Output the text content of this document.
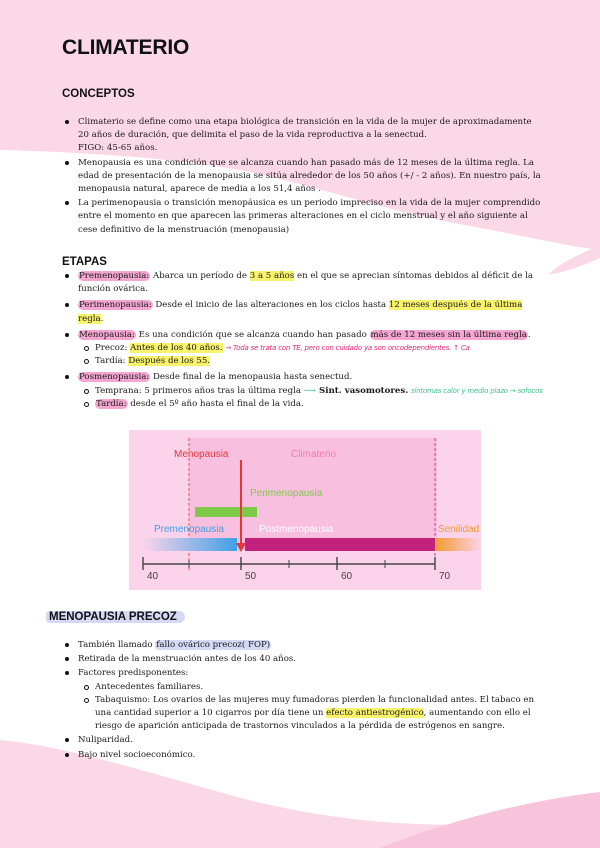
CLIMATERIO
CONCEPTOS
Climaterio se define como una etapa biológica de transición en la vida de la mujer de aproximadamente 20 años de duración, que delimita el paso de la vida reproductiva a la senectud.
FIGO: 45-65 años.
Menopausia es una condición que se alcanza cuando han pasado más de 12 meses de la última regla. La edad de presentación de la menopausia se sitúa alrededor de los 50 años (+/ - 2 años). En nuestro país, la menopausia natural, aparece de media a los 51,4 años .
La perimenopausia o transición menopáusica es un periodo impreciso en la vida de la mujer comprendido entre el momento en que aparecen las primeras alteraciones en el ciclo menstrual y el año siguiente al cese definitivo de la menstruación (menopausia)
ETAPAS
Premenopausia: Abarca un período de 3 a 5 años en el que se aprecian síntomas debidos al déficit de la función ovárica.
Perimenopausia: Desde el inicio de las alteraciones en los ciclos hasta 12 meses después de la última regla.
Menopausia: Es una condición que se alcanza cuando han pasado más de 12 meses sin la última regla.
Precoz: Antes de los 40 años. → Toda se trata con TE, pero con cuidado ya son oncodependientes. ↑ Ca
Tardía: Después de los 55.
Posmenopausia: Desde final de la menopausia hasta senectud.
Temprana: 5 primeros años tras la última regla ⟶ Sint. vasomotores. síntomas calor y medio plazo → sofocos
Tardía: desde el 5º año hasta el final de la vida.
Menopausia	Climaterio
Perimenopausia
Premenopausia	Postmenopausia	Senilidad
40	50	60	70
MENOPAUSIA PRECOZ
También llamado fallo ovárico precoz( FOP)
Retirada de la menstruación antes de los 40 años.
Factores predisponentes:
Antecedentes familiares.
Tabaquismo: Los ovarios de las mujeres muy fumadoras pierden la funcionalidad antes. El tabaco en una cantidad superior a 10 cigarros por día tiene un efecto antiestrogénico, aumentando con ello el riesgo de aparición anticipada de trastornos vinculados a la pérdida de estrógenos en sangre.
Nuliparidad.
Bajo nivel socioeconómico.
